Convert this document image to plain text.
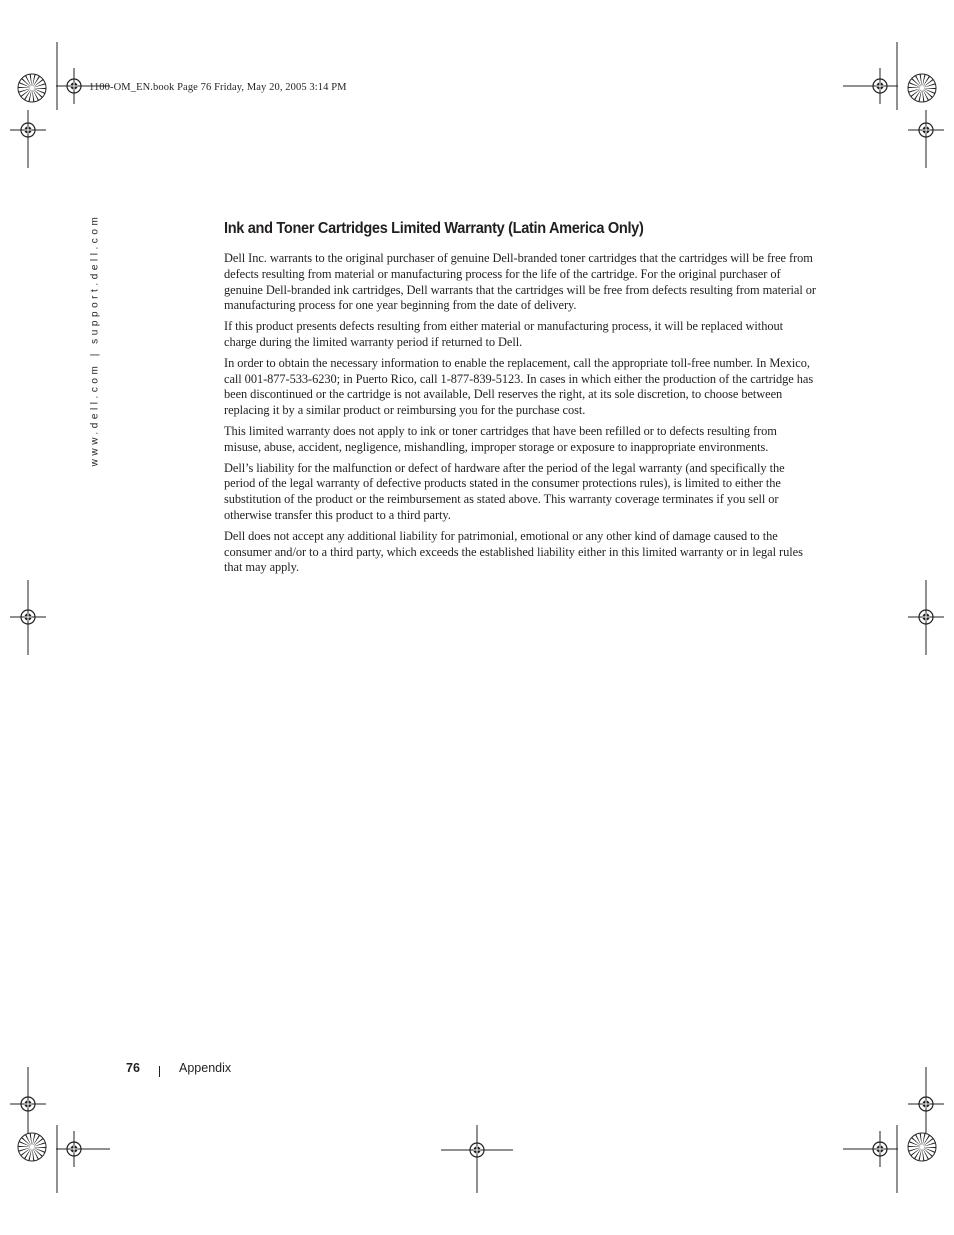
1100-OM_EN.book Page 76 Friday, May 20, 2005 3:14 PM
www.dell.com | support.dell.com	Ink and Toner Cartridges Limited Warranty (Latin America Only)

Dell Inc. warrants to the original purchaser of genuine Dell-branded toner cartridges that the cartridges will be free from defects resulting from material or manufacturing process for the life of the cartridge. For the original purchaser of genuine Dell-branded ink cartridges, Dell warrants that the cartridges will be free from defects resulting from material or manufacturing process for one year beginning from the date of delivery.

If this product presents defects resulting from either material or manufacturing process, it will be replaced without charge during the limited warranty period if returned to Dell.

In order to obtain the necessary information to enable the replacement, call the appropriate toll-free number. In Mexico, call 001-877-533-6230; in Puerto Rico, call 1-877-839-5123. In cases in which either the production of the cartridge has been discontinued or the cartridge is not available, Dell reserves the right, at its sole discretion, to choose between replacing it by a similar product or reimbursing you for the purchase cost.

This limited warranty does not apply to ink or toner cartridges that have been refilled or to defects resulting from misuse, abuse, accident, negligence, mishandling, improper storage or exposure to inappropriate environments.

Dell’s liability for the malfunction or defect of hardware after the period of the legal warranty (and specifically the period of the legal warranty of defective products stated in the consumer protections rules), is limited to either the substitution of the product or the reimbursement as stated above. This warranty coverage terminates if you sell or otherwise transfer this product to a third party.

Dell does not accept any additional liability for patrimonial, emotional or any other kind of damage caused to the consumer and/or to a third party, which exceeds the established liability either in this limited warranty or in legal rules that may apply.

76	Appendix
